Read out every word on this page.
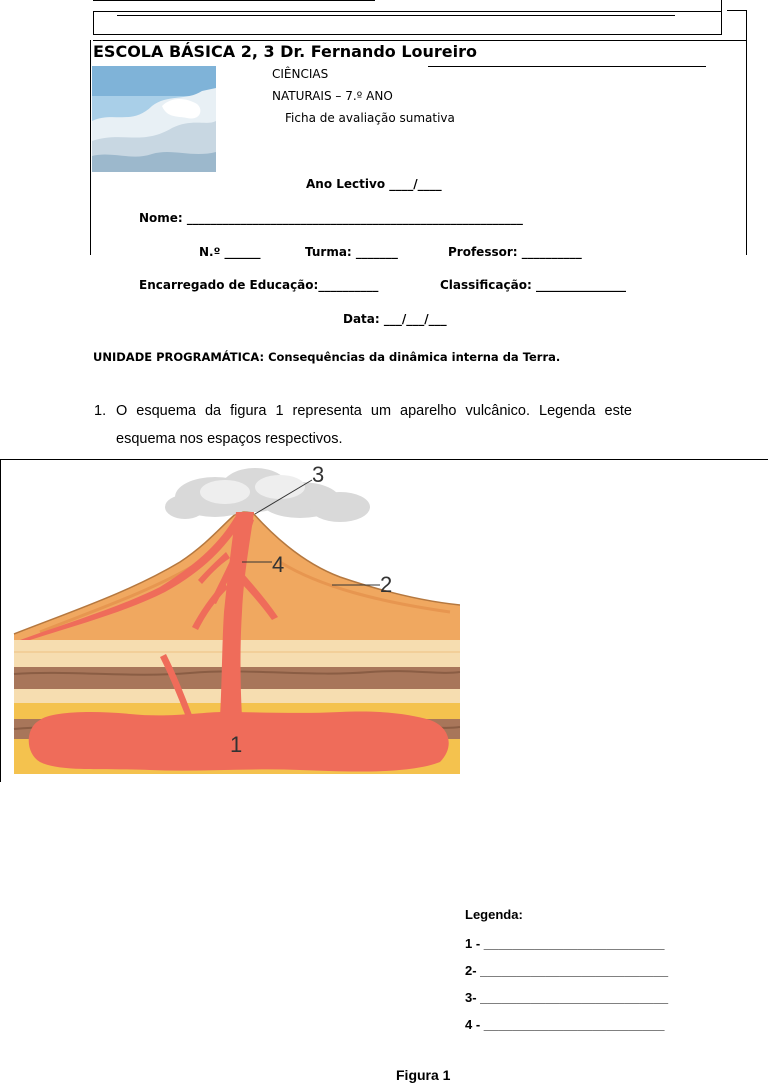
ESCOLA BÁSICA 2, 3 Dr. Fernando Loureiro
CIÊNCIAS
NATURAIS – 7.º ANO
Ficha de avaliação sumativa
Ano Lectivo ____/____
Nome: ________________________________________________________
N.º ______	Turma: _______	Professor: __________
Encarregado de Educação:__________	Classificação: _______________
Data: ___/___/___
UNIDADE PROGRAMÁTICA: Consequências da dinâmica interna da Terra.
1. O esquema da figura 1 representa um aparelho vulcânico. Legenda este
esquema nos espaços respectivos.
1
2
3
4
Legenda:
1 - _________________________
2- __________________________
3- __________________________
4 - _________________________
Figura 1
